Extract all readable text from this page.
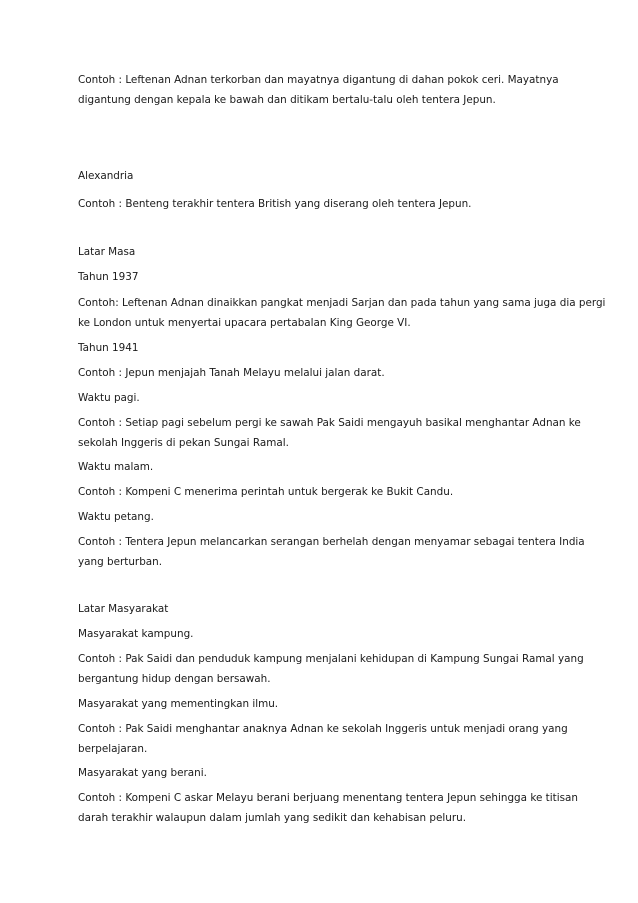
Contoh : Leftenan Adnan terkorban dan mayatnya digantung di dahan pokok ceri. Mayatnya
digantung dengan kepala ke bawah dan ditikam bertalu-talu oleh tentera Jepun.
Alexandria
Contoh : Benteng terakhir tentera British yang diserang oleh tentera Jepun.
Latar Masa
Tahun 1937
Contoh: Leftenan Adnan dinaikkan pangkat menjadi Sarjan dan pada tahun yang sama juga dia pergi
ke London untuk menyertai upacara pertabalan King George VI.
Tahun 1941
Contoh : Jepun menjajah Tanah Melayu melalui jalan darat.
Waktu pagi.
Contoh : Setiap pagi sebelum pergi ke sawah Pak Saidi mengayuh basikal menghantar Adnan ke
sekolah Inggeris di pekan Sungai Ramal.
Waktu malam.
Contoh : Kompeni C menerima perintah untuk bergerak ke Bukit Candu.
Waktu petang.
Contoh : Tentera Jepun melancarkan serangan berhelah dengan menyamar sebagai tentera India
yang berturban.
Latar Masyarakat
Masyarakat kampung.
Contoh : Pak Saidi dan penduduk kampung menjalani kehidupan di Kampung Sungai Ramal yang
bergantung hidup dengan bersawah.
Masyarakat yang mementingkan ilmu.
Contoh : Pak Saidi menghantar anaknya Adnan ke sekolah Inggeris untuk menjadi orang yang
berpelajaran.
Masyarakat yang berani.
Contoh : Kompeni C askar Melayu berani berjuang menentang tentera Jepun sehingga ke titisan
darah terakhir walaupun dalam jumlah yang sedikit dan kehabisan peluru.
